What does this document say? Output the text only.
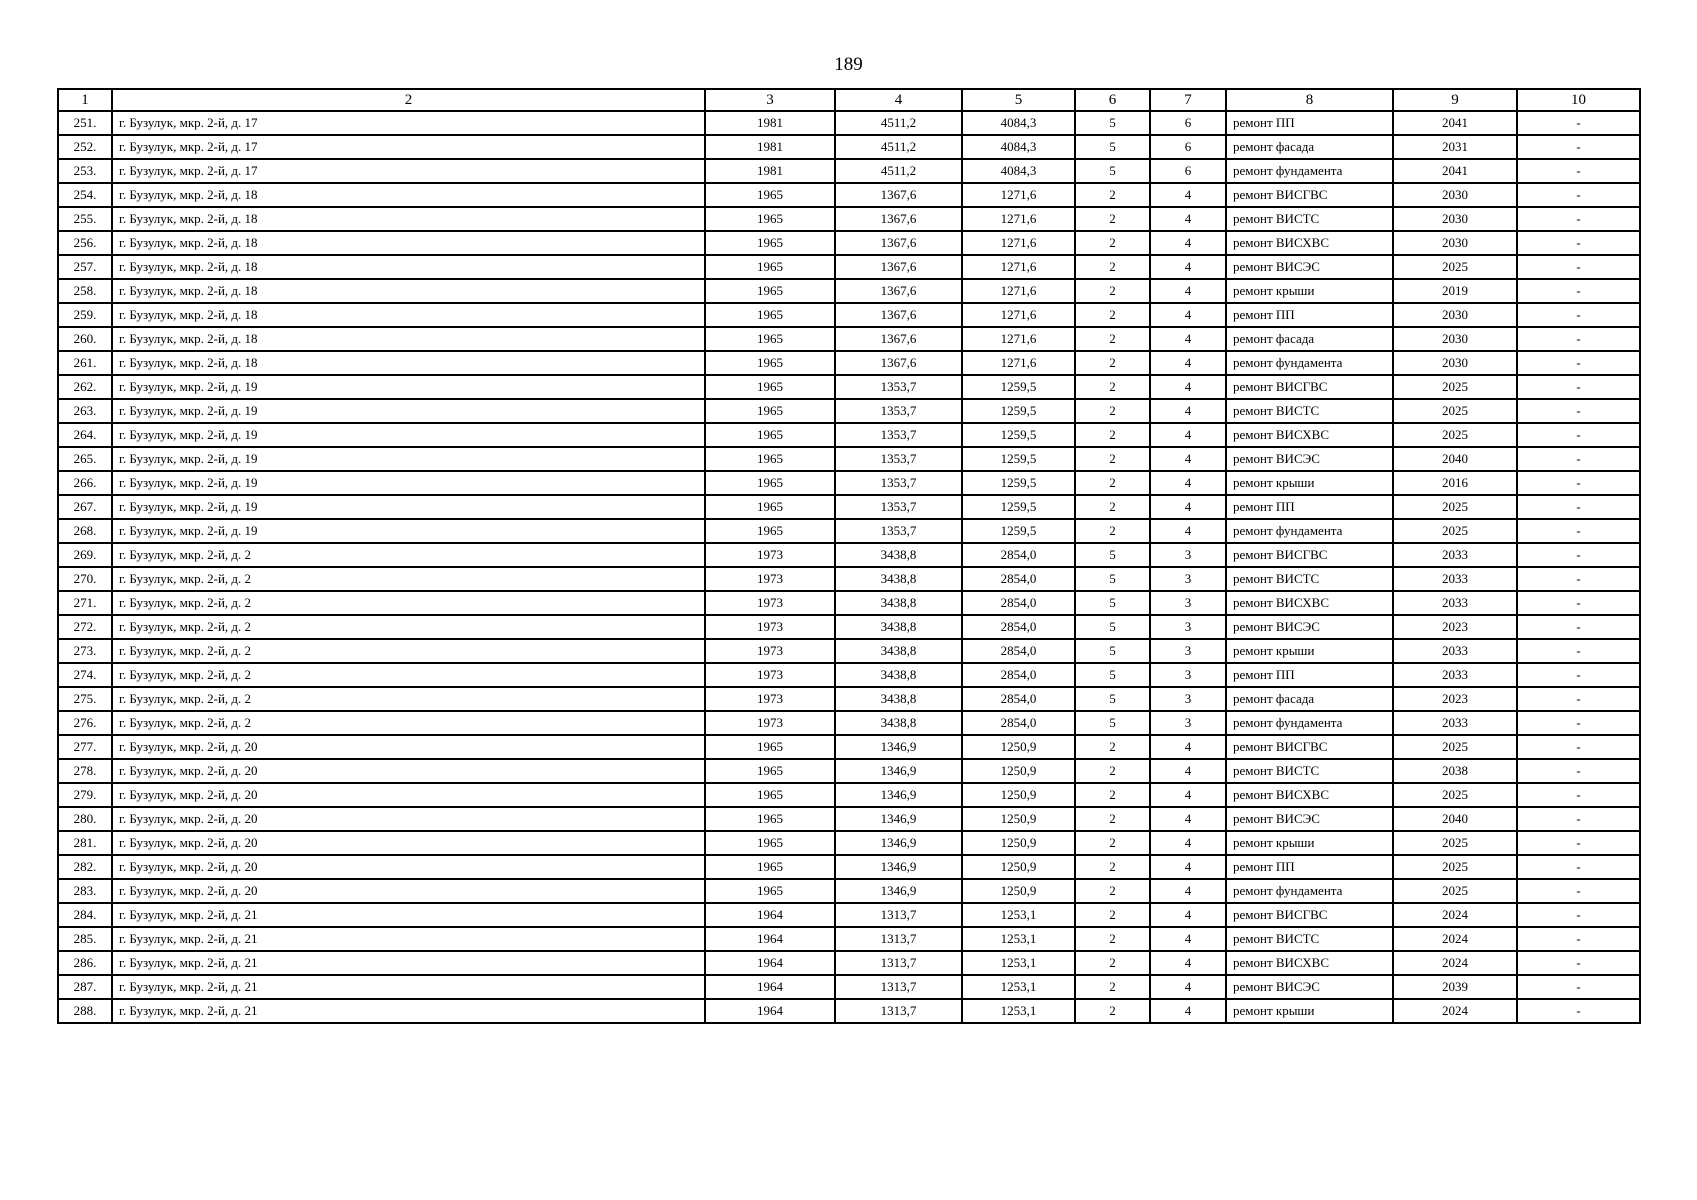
189
1	2	3	4	5	6	7	8	9	10
251.	г. Бузулук, мкр. 2-й, д. 17	1981	4511,2	4084,3	5	6	ремонт ПП	2041	-
252.	г. Бузулук, мкр. 2-й, д. 17	1981	4511,2	4084,3	5	6	ремонт фасада	2031	-
253.	г. Бузулук, мкр. 2-й, д. 17	1981	4511,2	4084,3	5	6	ремонт фундамента	2041	-
254.	г. Бузулук, мкр. 2-й, д. 18	1965	1367,6	1271,6	2	4	ремонт ВИСГВС	2030	-
255.	г. Бузулук, мкр. 2-й, д. 18	1965	1367,6	1271,6	2	4	ремонт ВИСТС	2030	-
256.	г. Бузулук, мкр. 2-й, д. 18	1965	1367,6	1271,6	2	4	ремонт ВИСХВС	2030	-
257.	г. Бузулук, мкр. 2-й, д. 18	1965	1367,6	1271,6	2	4	ремонт ВИСЭС	2025	-
258.	г. Бузулук, мкр. 2-й, д. 18	1965	1367,6	1271,6	2	4	ремонт крыши	2019	-
259.	г. Бузулук, мкр. 2-й, д. 18	1965	1367,6	1271,6	2	4	ремонт ПП	2030	-
260.	г. Бузулук, мкр. 2-й, д. 18	1965	1367,6	1271,6	2	4	ремонт фасада	2030	-
261.	г. Бузулук, мкр. 2-й, д. 18	1965	1367,6	1271,6	2	4	ремонт фундамента	2030	-
262.	г. Бузулук, мкр. 2-й, д. 19	1965	1353,7	1259,5	2	4	ремонт ВИСГВС	2025	-
263.	г. Бузулук, мкр. 2-й, д. 19	1965	1353,7	1259,5	2	4	ремонт ВИСТС	2025	-
264.	г. Бузулук, мкр. 2-й, д. 19	1965	1353,7	1259,5	2	4	ремонт ВИСХВС	2025	-
265.	г. Бузулук, мкр. 2-й, д. 19	1965	1353,7	1259,5	2	4	ремонт ВИСЭС	2040	-
266.	г. Бузулук, мкр. 2-й, д. 19	1965	1353,7	1259,5	2	4	ремонт крыши	2016	-
267.	г. Бузулук, мкр. 2-й, д. 19	1965	1353,7	1259,5	2	4	ремонт ПП	2025	-
268.	г. Бузулук, мкр. 2-й, д. 19	1965	1353,7	1259,5	2	4	ремонт фундамента	2025	-
269.	г. Бузулук, мкр. 2-й, д. 2	1973	3438,8	2854,0	5	3	ремонт ВИСГВС	2033	-
270.	г. Бузулук, мкр. 2-й, д. 2	1973	3438,8	2854,0	5	3	ремонт ВИСТС	2033	-
271.	г. Бузулук, мкр. 2-й, д. 2	1973	3438,8	2854,0	5	3	ремонт ВИСХВС	2033	-
272.	г. Бузулук, мкр. 2-й, д. 2	1973	3438,8	2854,0	5	3	ремонт ВИСЭС	2023	-
273.	г. Бузулук, мкр. 2-й, д. 2	1973	3438,8	2854,0	5	3	ремонт крыши	2033	-
274.	г. Бузулук, мкр. 2-й, д. 2	1973	3438,8	2854,0	5	3	ремонт ПП	2033	-
275.	г. Бузулук, мкр. 2-й, д. 2	1973	3438,8	2854,0	5	3	ремонт фасада	2023	-
276.	г. Бузулук, мкр. 2-й, д. 2	1973	3438,8	2854,0	5	3	ремонт фундамента	2033	-
277.	г. Бузулук, мкр. 2-й, д. 20	1965	1346,9	1250,9	2	4	ремонт ВИСГВС	2025	-
278.	г. Бузулук, мкр. 2-й, д. 20	1965	1346,9	1250,9	2	4	ремонт ВИСТС	2038	-
279.	г. Бузулук, мкр. 2-й, д. 20	1965	1346,9	1250,9	2	4	ремонт ВИСХВС	2025	-
280.	г. Бузулук, мкр. 2-й, д. 20	1965	1346,9	1250,9	2	4	ремонт ВИСЭС	2040	-
281.	г. Бузулук, мкр. 2-й, д. 20	1965	1346,9	1250,9	2	4	ремонт крыши	2025	-
282.	г. Бузулук, мкр. 2-й, д. 20	1965	1346,9	1250,9	2	4	ремонт ПП	2025	-
283.	г. Бузулук, мкр. 2-й, д. 20	1965	1346,9	1250,9	2	4	ремонт фундамента	2025	-
284.	г. Бузулук, мкр. 2-й, д. 21	1964	1313,7	1253,1	2	4	ремонт ВИСГВС	2024	-
285.	г. Бузулук, мкр. 2-й, д. 21	1964	1313,7	1253,1	2	4	ремонт ВИСТС	2024	-
286.	г. Бузулук, мкр. 2-й, д. 21	1964	1313,7	1253,1	2	4	ремонт ВИСХВС	2024	-
287.	г. Бузулук, мкр. 2-й, д. 21	1964	1313,7	1253,1	2	4	ремонт ВИСЭС	2039	-
288.	г. Бузулук, мкр. 2-й, д. 21	1964	1313,7	1253,1	2	4	ремонт крыши	2024	-
